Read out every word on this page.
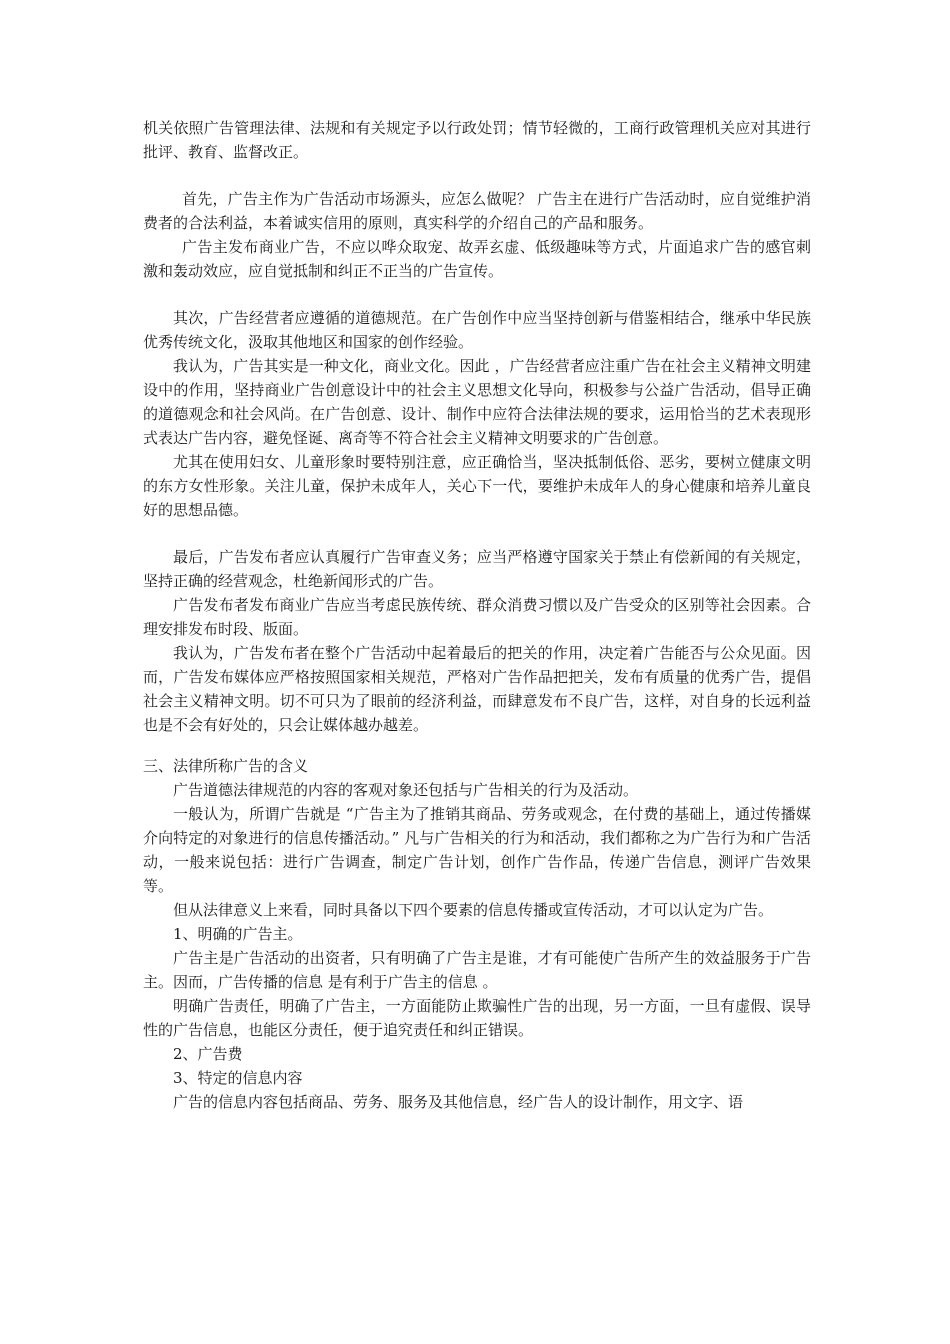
机关依照广告管理法律、法规和有关规定予以行政处罚；情节轻微的，工商行政管理机关应对其进行批评、教育、监督改正。

首先，广告主作为广告活动市场源头，应怎么做呢？ 广告主在进行广告活动时，应自觉维护消费者的合法利益，本着诚实信用的原则，真实科学的介绍自己的产品和服务。

广告主发布商业广告，不应以哗众取宠、故弄玄虚、低级趣味等方式，片面追求广告的感官刺激和轰动效应，应自觉抵制和纠正不正当的广告宣传。

其次，广告经营者应遵循的道德规范。在广告创作中应当坚持创新与借鉴相结合，继承中华民族优秀传统文化，汲取其他地区和国家的创作经验。

我认为，广告其实是一种文化，商业文化。因此 ，广告经营者应注重广告在社会主义精神文明建设中的作用，坚持商业广告创意设计中的社会主义思想文化导向，积极参与公益广告活动，倡导正确的道德观念和社会风尚。在广告创意、设计、制作中应符合法律法规的要求，运用恰当的艺术表现形式表达广告内容，避免怪诞、离奇等不符合社会主义精神文明要求的广告创意。

尤其在使用妇女、儿童形象时要特别注意，应正确恰当，坚决抵制低俗、恶劣，要树立健康文明的东方女性形象。关注儿童，保护未成年人，关心下一代，要维护未成年人的身心健康和培养儿童良好的思想品德。

最后，广告发布者应认真履行广告审查义务；应当严格遵守国家关于禁止有偿新闻的有关规定，坚持正确的经营观念，杜绝新闻形式的广告。

广告发布者发布商业广告应当考虑民族传统、群众消费习惯以及广告受众的区别等社会因素。合理安排发布时段、版面。

我认为，广告发布者在整个广告活动中起着最后的把关的作用，决定着广告能否与公众见面。因而，广告发布媒体应严格按照国家相关规范，严格对广告作品把把关，发布有质量的优秀广告，提倡社会主义精神文明。切不可只为了眼前的经济利益，而肆意发布不良广告，这样，对自身的长远利益也是不会有好处的，只会让媒体越办越差。

三、法律所称广告的含义

广告道德法律规范的内容的客观对象还包括与广告相关的行为及活动。

一般认为，所谓广告就是 “广告主为了推销其商品、劳务或观念，在付费的基础上，通过传播媒介向特定的对象进行的信息传播活动。” 凡与广告相关的行为和活动，我们都称之为广告行为和广告活动，一般来说包括：进行广告调查，制定广告计划，创作广告作品，传递广告信息，测评广告效果等。

但从法律意义上来看，同时具备以下四个要素的信息传播或宣传活动，才可以认定为广告。

1、明确的广告主。

广告主是广告活动的出资者，只有明确了广告主是谁，才有可能使广告所产生的效益服务于广告主。因而，广告传播的信息 是有利于广告主的信息 。

明确广告责任，明确了广告主，一方面能防止欺骗性广告的出现，另一方面，一旦有虚假、误导性的广告信息，也能区分责任，便于追究责任和纠正错误。

2、广告费

3、特定的信息内容

广告的信息内容包括商品、劳务、服务及其他信息，经广告人的设计制作，用文字、语
